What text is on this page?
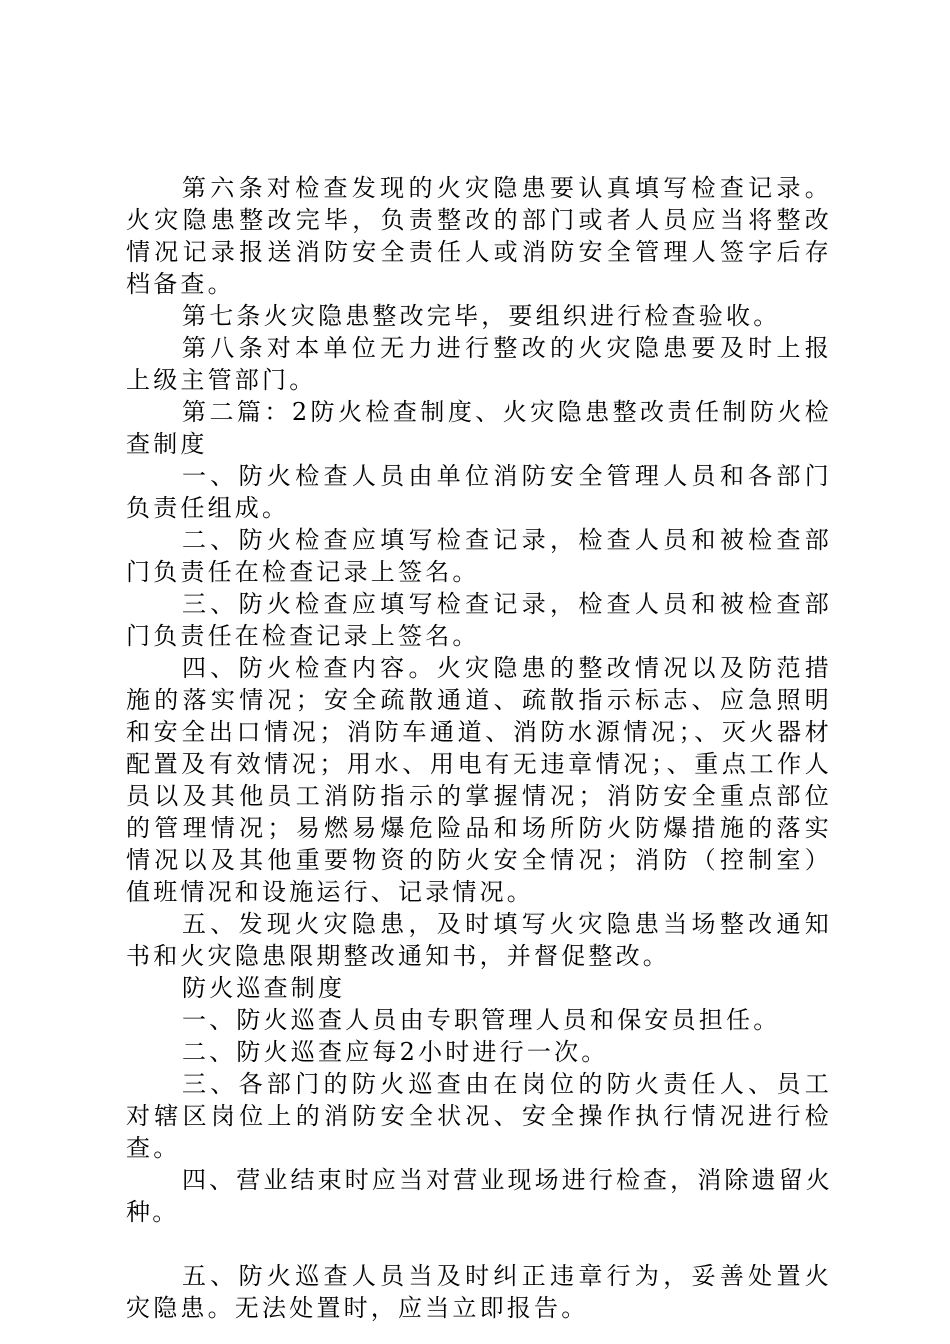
第六条对检查发现的火灾隐患要认真填写检查记录。火灾隐患整改完毕，负责整改的部门或者人员应当将整改情况记录报送消防安全责任人或消防安全管理人签字后存档备查。

第七条火灾隐患整改完毕，要组织进行检查验收。

第八条对本单位无力进行整改的火灾隐患要及时上报上级主管部门。

第二篇：2防火检查制度、火灾隐患整改责任制防火检查制度

一、防火检查人员由单位消防安全管理人员和各部门负责任组成。

二、防火检查应填写检查记录，检查人员和被检查部门负责任在检查记录上签名。

三、防火检查应填写检查记录，检查人员和被检查部门负责任在检查记录上签名。

四、防火检查内容。火灾隐患的整改情况以及防范措施的落实情况；安全疏散通道、疏散指示标志、应急照明和安全出口情况；消防车通道、消防水源情况；、灭火器材配置及有效情况；用水、用电有无违章情况；、重点工作人员以及其他员工消防指示的掌握情况；消防安全重点部位的管理情况；易燃易爆危险品和场所防火防爆措施的落实情况以及其他重要物资的防火安全情况；消防（控制室）值班情况和设施运行、记录情况。

五、发现火灾隐患，及时填写火灾隐患当场整改通知书和火灾隐患限期整改通知书，并督促整改。

防火巡查制度

一、防火巡查人员由专职管理人员和保安员担任。

二、防火巡查应每2小时进行一次。

三、各部门的防火巡查由在岗位的防火责任人、员工对辖区岗位上的消防安全状况、安全操作执行情况进行检查。

四、营业结束时应当对营业现场进行检查，消除遗留火种。

五、防火巡查人员当及时纠正违章行为，妥善处置火灾隐患。无法处置时，应当立即报告。
